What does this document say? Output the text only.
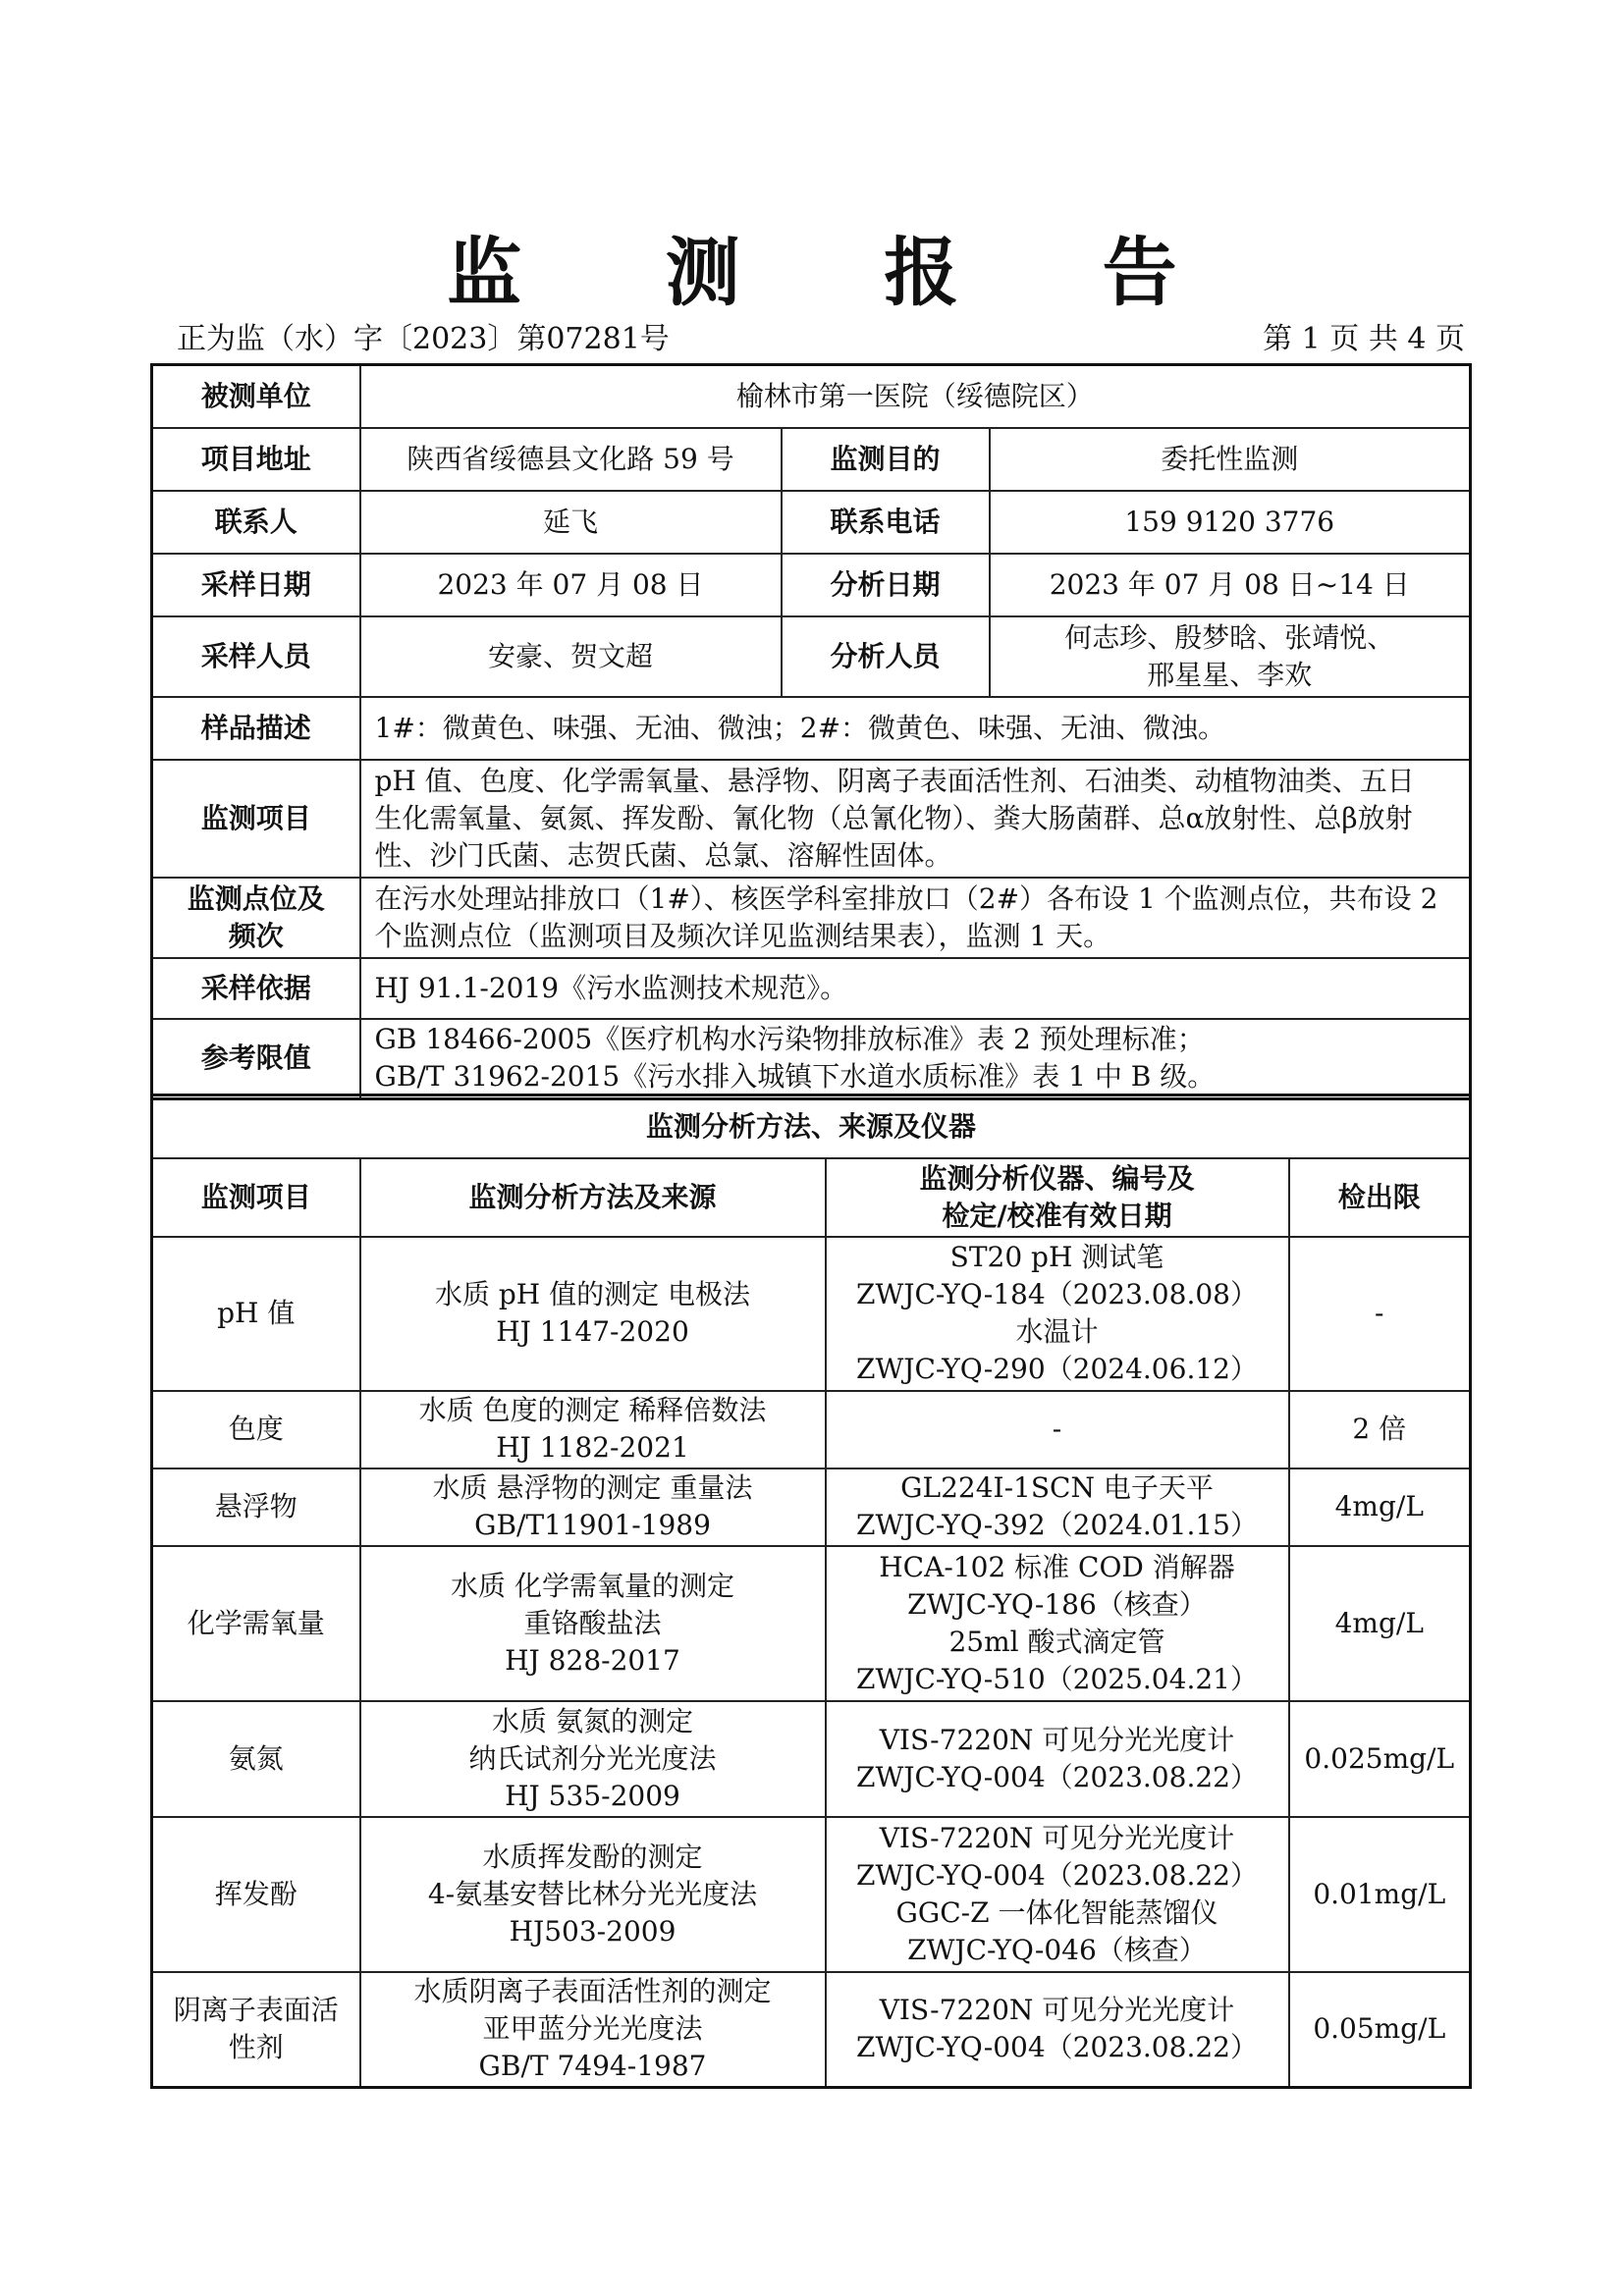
监 测 报 告
正为监（水）字〔2023〕第07281号	第 1 页 共 4 页
被测单位	榆林市第一医院（绥德院区）		
项目地址	陕西省绥德县文化路 59 号	监测目的	委托性监测
联系人	延飞	联系电话	159 9120 3776
采样日期	2023 年 07 月 08 日	分析日期	2023 年 07 月 08 日~14 日
采样人员	安豪、贺文超	分析人员	何志珍、殷梦晗、张靖悦、
邢星星、李欢

样品描述	1#：微黄色、味强、无油、微浊；2#：微黄色、味强、无油、微浊。		
监测项目	pH 值、色度、化学需氧量、悬浮物、阴离子表面活性剂、石油类、动植物油类、五日
生化需氧量、氨氮、挥发酚、氰化物（总氰化物）、粪大肠菌群、总α放射性、总β放射
性、沙门氏菌、志贺氏菌、总氯、溶解性固体。		

监测点位及
频次	在污水处理站排放口（1#）、核医学科室排放口（2#）各布设 1 个监测点位，共布设 2
个监测点位（监测项目及频次详见监测结果表），监测 1 天。		

采样依据	HJ 91.1-2019《污水监测技术规范》。		
参考限值	GB 18466-2005《医疗机构水污染物排放标准》表 2 预处理标准；
GB/T 31962-2015《污水排入城镇下水道水质标准》表 1 中 B 级。		
监测分析方法、来源及仪器			
监测项目	监测分析方法及来源	监测分析仪器、编号及
检定/校准有效日期	检出限

pH 值	水质 pH 值的测定 电极法
HJ 1147-2020	ST20 pH 测试笔
ZWJC-YQ-184（2023.08.08）
水温计
ZWJC-YQ-290（2024.06.12）	-

色度	水质 色度的测定 稀释倍数法
HJ 1182-2021	-	2 倍

悬浮物	水质 悬浮物的测定 重量法
GB/T11901-1989	GL224I-1SCN 电子天平
ZWJC-YQ-392（2024.01.15）	4mg/L

化学需氧量	水质 化学需氧量的测定
重铬酸盐法
HJ 828-2017	HCA-102 标准 COD 消解器
ZWJC-YQ-186（核查）
25ml 酸式滴定管
ZWJC-YQ-510（2025.04.21）	4mg/L

氨氮	水质 氨氮的测定
纳氏试剂分光光度法
HJ 535-2009	VIS-7220N 可见分光光度计
ZWJC-YQ-004（2023.08.22）	0.025mg/L

挥发酚	水质挥发酚的测定
4-氨基安替比林分光光度法
HJ503-2009	VIS-7220N 可见分光光度计
ZWJC-YQ-004（2023.08.22）
GGC-Z 一体化智能蒸馏仪
ZWJC-YQ-046（核查）	0.01mg/L

阴离子表面活
性剂	水质阴离子表面活性剂的测定
亚甲蓝分光光度法
GB/T 7494-1987	VIS-7220N 可见分光光度计
ZWJC-YQ-004（2023.08.22）	0.05mg/L
